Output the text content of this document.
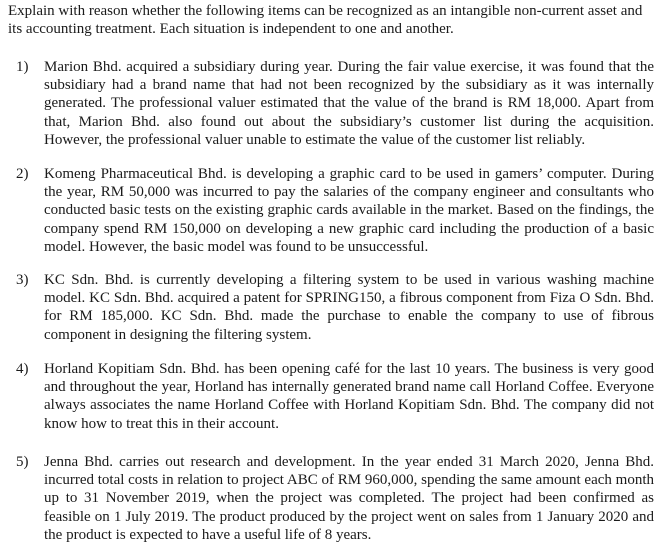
Explain with reason whether the following items can be recognized as an intangible non-current asset and its accounting treatment. Each situation is independent to one and another.

1)	Marion Bhd. acquired a subsidiary during year. During the fair value exercise, it was found that the subsidiary had a brand name that had not been recognized by the subsidiary as it was internally generated. The professional valuer estimated that the value of the brand is RM 18,000. Apart from that, Marion Bhd. also found out about the subsidiary’s customer list during the acquisition. However, the professional valuer unable to estimate the value of the customer list reliably.
2)	Komeng Pharmaceutical Bhd. is developing a graphic card to be used in gamers’ computer. During the year, RM 50,000 was incurred to pay the salaries of the company engineer and consultants who conducted basic tests on the existing graphic cards available in the market. Based on the findings, the company spend RM 150,000 on developing a new graphic card including the production of a basic model. However, the basic model was found to be unsuccessful.
3)	KC Sdn. Bhd. is currently developing a filtering system to be used in various washing machine model. KC Sdn. Bhd. acquired a patent for SPRING150, a fibrous component from Fiza O Sdn. Bhd. for RM 185,000. KC Sdn. Bhd. made the purchase to enable the company to use of fibrous component in designing the filtering system.
4)	Horland Kopitiam Sdn. Bhd. has been opening café for the last 10 years. The business is very good and throughout the year, Horland has internally generated brand name call Horland Coffee. Everyone always associates the name Horland Coffee with Horland Kopitiam Sdn. Bhd. The company did not know how to treat this in their account.
5)	Jenna Bhd. carries out research and development. In the year ended 31 March 2020, Jenna Bhd. incurred total costs in relation to project ABC of RM 960,000, spending the same amount each month up to 31 November 2019, when the project was completed. The project had been confirmed as feasible on 1 July 2019. The product produced by the project went on sales from 1 January 2020 and the product is expected to have a useful life of 8 years.
